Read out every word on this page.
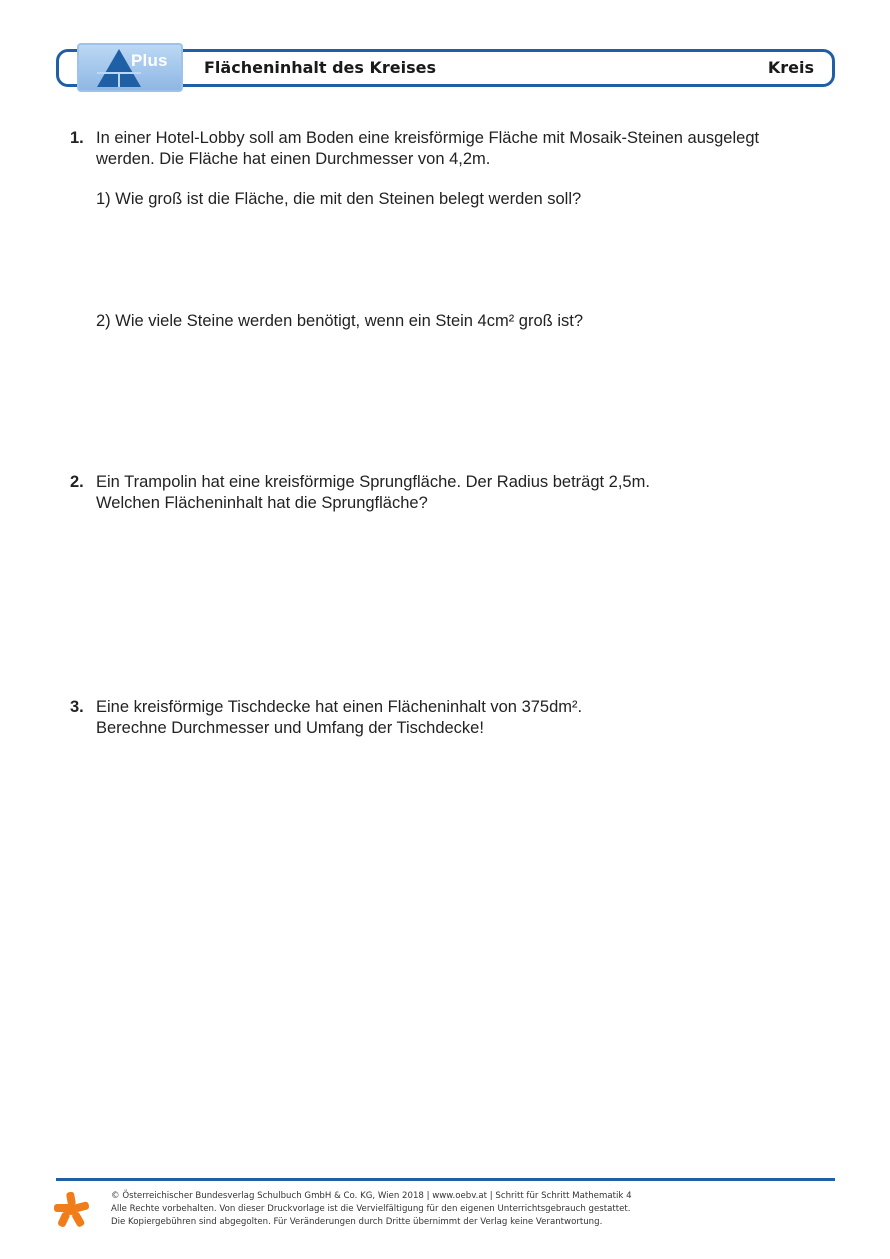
Plus Flächeninhalt des Kreises	Kreis
1. In einer Hotel-Lobby soll am Boden eine kreisförmige Fläche mit Mosaik-Steinen ausgelegt
werden. Die Fläche hat einen Durchmesser von 4,2m.
1) Wie groß ist die Fläche, die mit den Steinen belegt werden soll?
2) Wie viele Steine werden benötigt, wenn ein Stein 4cm² groß ist?
2. Ein Trampolin hat eine kreisförmige Sprungfläche. Der Radius beträgt 2,5m.
Welchen Flächeninhalt hat die Sprungfläche?
3. Eine kreisförmige Tischdecke hat einen Flächeninhalt von 375dm².
Berechne Durchmesser und Umfang der Tischdecke!
© Österreichischer Bundesverlag Schulbuch GmbH & Co. KG, Wien 2018 | www.oebv.at | Schritt für Schritt Mathematik 4
Alle Rechte vorbehalten. Von dieser Druckvorlage ist die Vervielfältigung für den eigenen Unterrichtsgebrauch gestattet.
Die Kopiergebühren sind abgegolten. Für Veränderungen durch Dritte übernimmt der Verlag keine Verantwortung.
